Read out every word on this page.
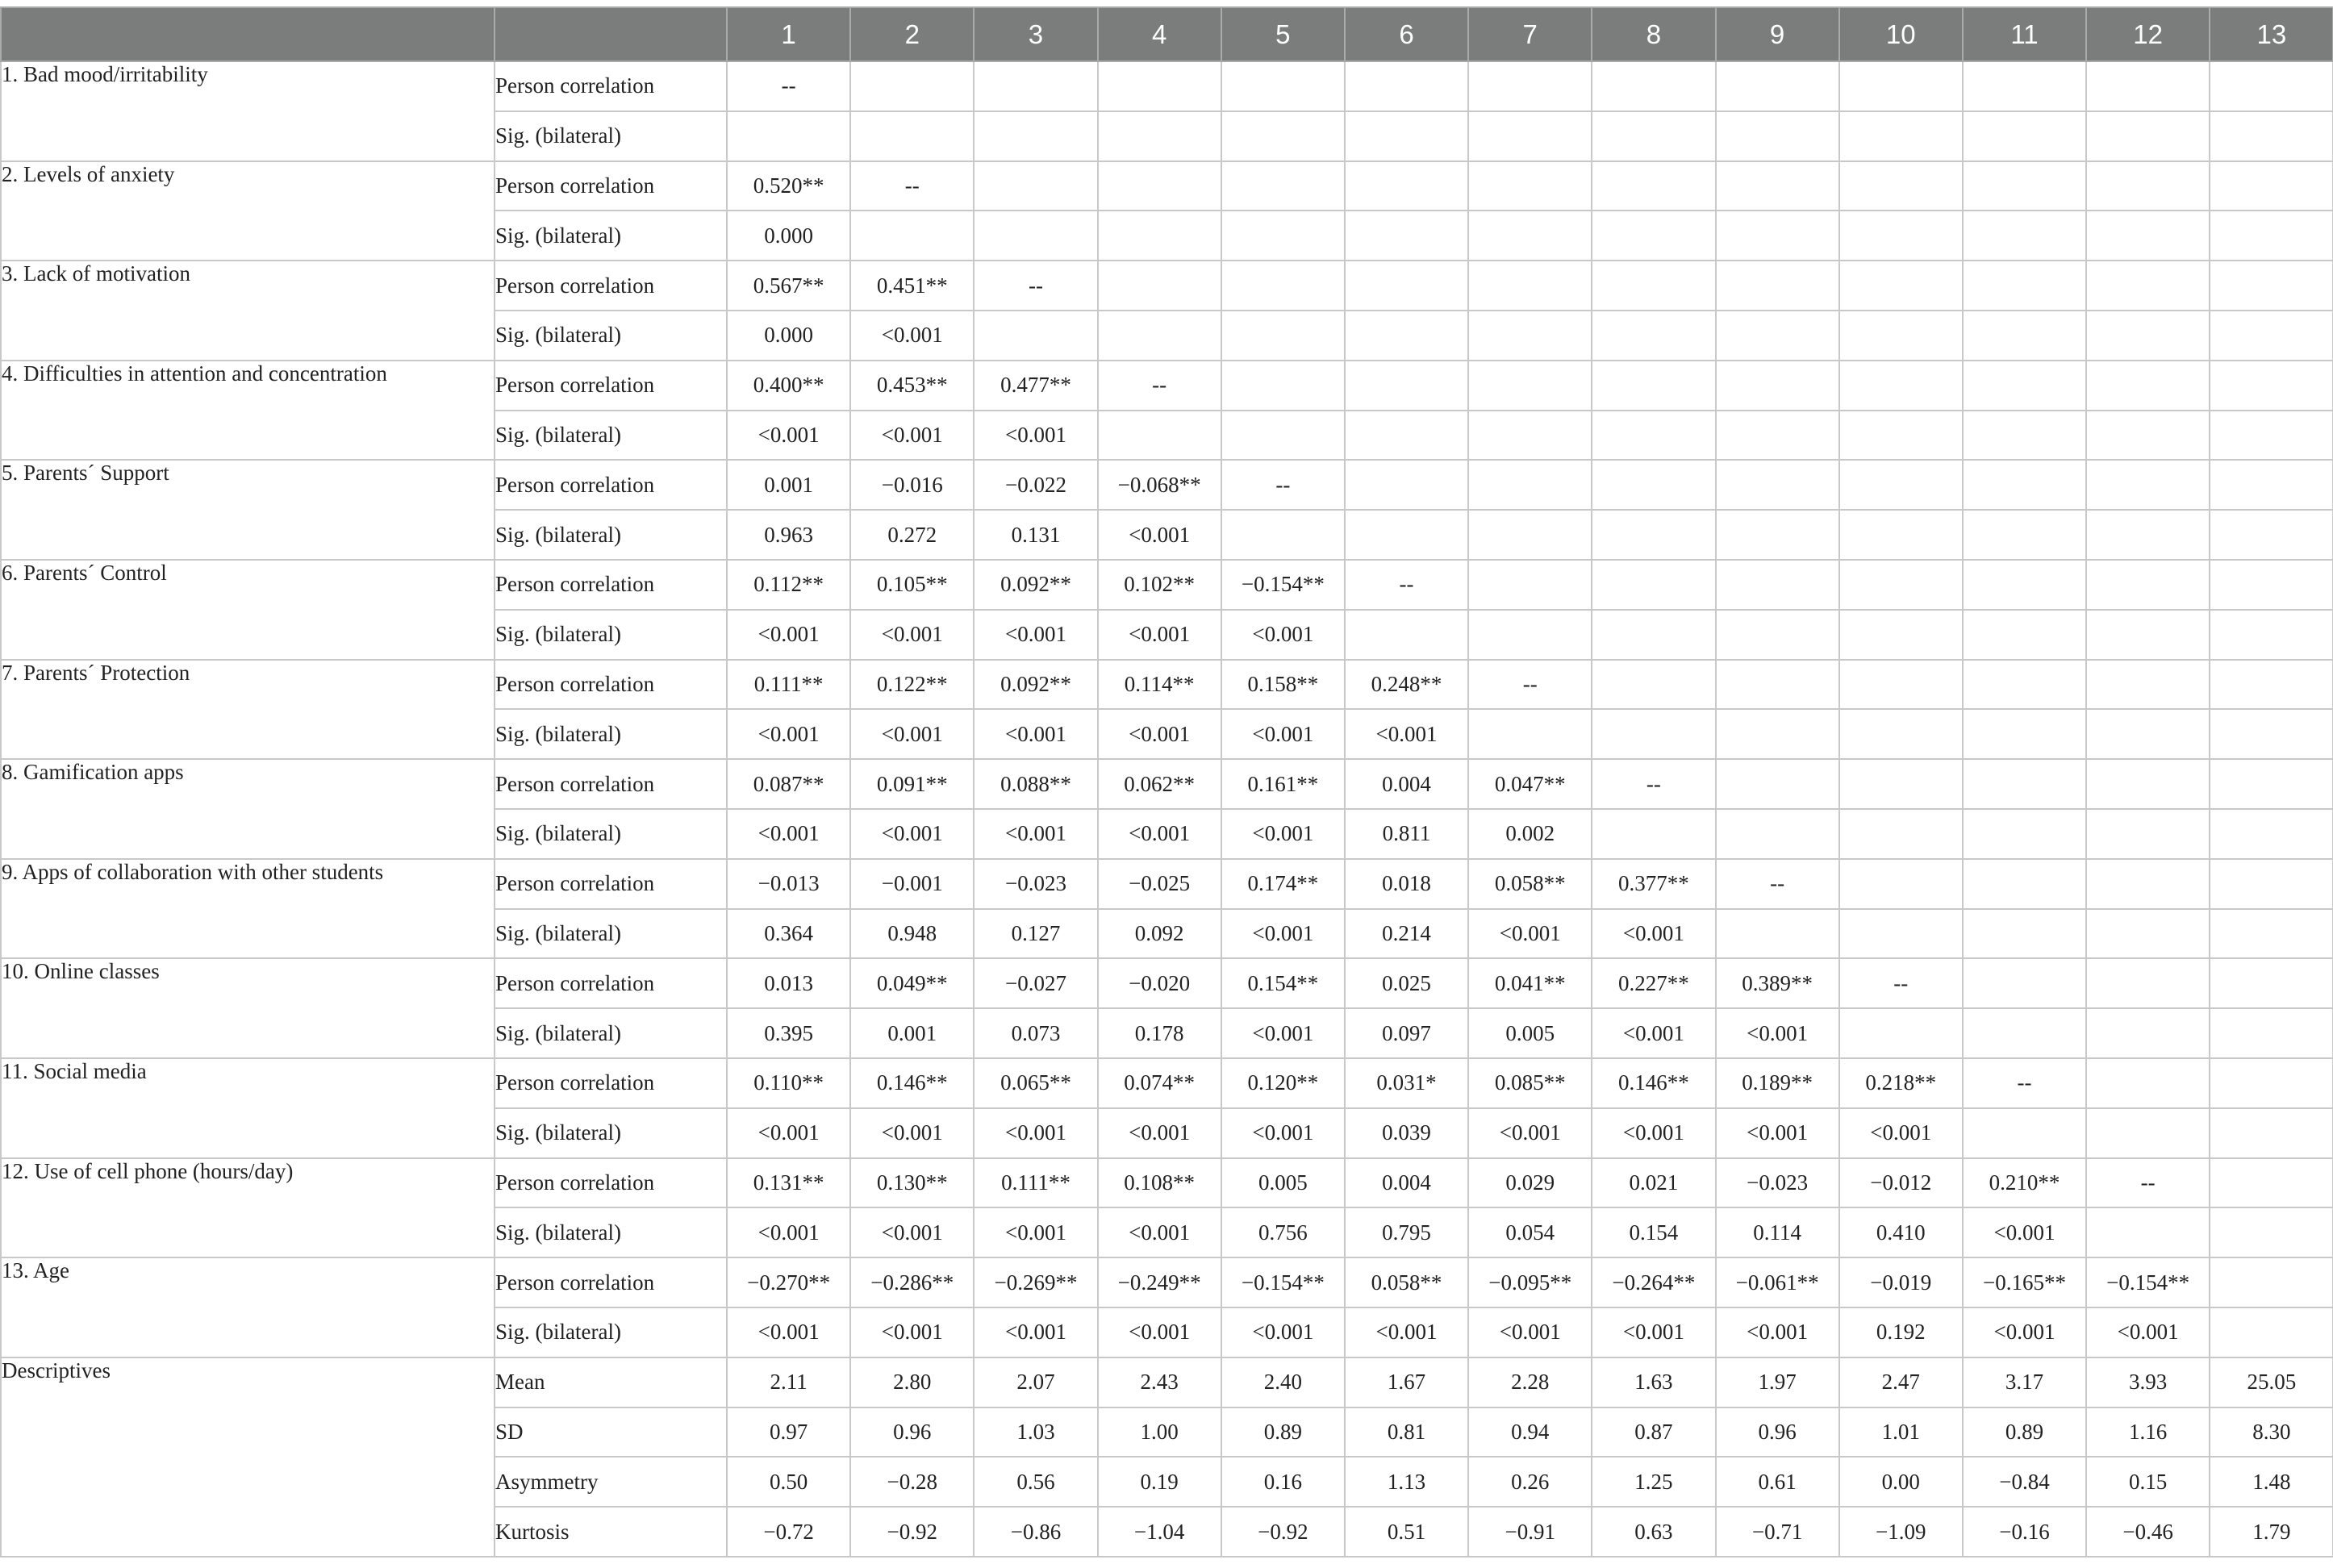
		1	2	3	4	5	6	7	8	9	10	11	12	13
1. Bad mood/irritability	Person correlation	--												
	Sig. (bilateral)													
2. Levels of anxiety	Person correlation	0.520**	--											
	Sig. (bilateral)	0.000												
3. Lack of motivation	Person correlation	0.567**	0.451**	--										
	Sig. (bilateral)	0.000	<0.001											
4. Difficulties in attention and concentration	Person correlation	0.400**	0.453**	0.477**	--									
	Sig. (bilateral)	<0.001	<0.001	<0.001										
5. Parents´ Support	Person correlation	0.001	−0.016	−0.022	−0.068**	--								
	Sig. (bilateral)	0.963	0.272	0.131	<0.001									
6. Parents´ Control	Person correlation	0.112**	0.105**	0.092**	0.102**	−0.154**	--							
	Sig. (bilateral)	<0.001	<0.001	<0.001	<0.001	<0.001								
7. Parents´ Protection	Person correlation	0.111**	0.122**	0.092**	0.114**	0.158**	0.248**	--						
	Sig. (bilateral)	<0.001	<0.001	<0.001	<0.001	<0.001	<0.001							
8. Gamification apps	Person correlation	0.087**	0.091**	0.088**	0.062**	0.161**	0.004	0.047**	--					
	Sig. (bilateral)	<0.001	<0.001	<0.001	<0.001	<0.001	0.811	0.002						
9. Apps of collaboration with other students	Person correlation	−0.013	−0.001	−0.023	−0.025	0.174**	0.018	0.058**	0.377**	--				
	Sig. (bilateral)	0.364	0.948	0.127	0.092	<0.001	0.214	<0.001	<0.001					
10. Online classes	Person correlation	0.013	0.049**	−0.027	−0.020	0.154**	0.025	0.041**	0.227**	0.389**	--			
	Sig. (bilateral)	0.395	0.001	0.073	0.178	<0.001	0.097	0.005	<0.001	<0.001				
11. Social media	Person correlation	0.110**	0.146**	0.065**	0.074**	0.120**	0.031*	0.085**	0.146**	0.189**	0.218**	--		
	Sig. (bilateral)	<0.001	<0.001	<0.001	<0.001	<0.001	0.039	<0.001	<0.001	<0.001	<0.001			
12. Use of cell phone (hours/day)	Person correlation	0.131**	0.130**	0.111**	0.108**	0.005	0.004	0.029	0.021	−0.023	−0.012	0.210**	--	
	Sig. (bilateral)	<0.001	<0.001	<0.001	<0.001	0.756	0.795	0.054	0.154	0.114	0.410	<0.001		
13. Age	Person correlation	−0.270**	−0.286**	−0.269**	−0.249**	−0.154**	0.058**	−0.095**	−0.264**	−0.061**	−0.019	−0.165**	−0.154**	
	Sig. (bilateral)	<0.001	<0.001	<0.001	<0.001	<0.001	<0.001	<0.001	<0.001	<0.001	0.192	<0.001	<0.001	
Descriptives	Mean	2.11	2.80	2.07	2.43	2.40	1.67	2.28	1.63	1.97	2.47	3.17	3.93	25.05
	SD	0.97	0.96	1.03	1.00	0.89	0.81	0.94	0.87	0.96	1.01	0.89	1.16	8.30
	Asymmetry	0.50	−0.28	0.56	0.19	0.16	1.13	0.26	1.25	0.61	0.00	−0.84	0.15	1.48
	Kurtosis	−0.72	−0.92	−0.86	−1.04	−0.92	0.51	−0.91	0.63	−0.71	−1.09	−0.16	−0.46	1.79
